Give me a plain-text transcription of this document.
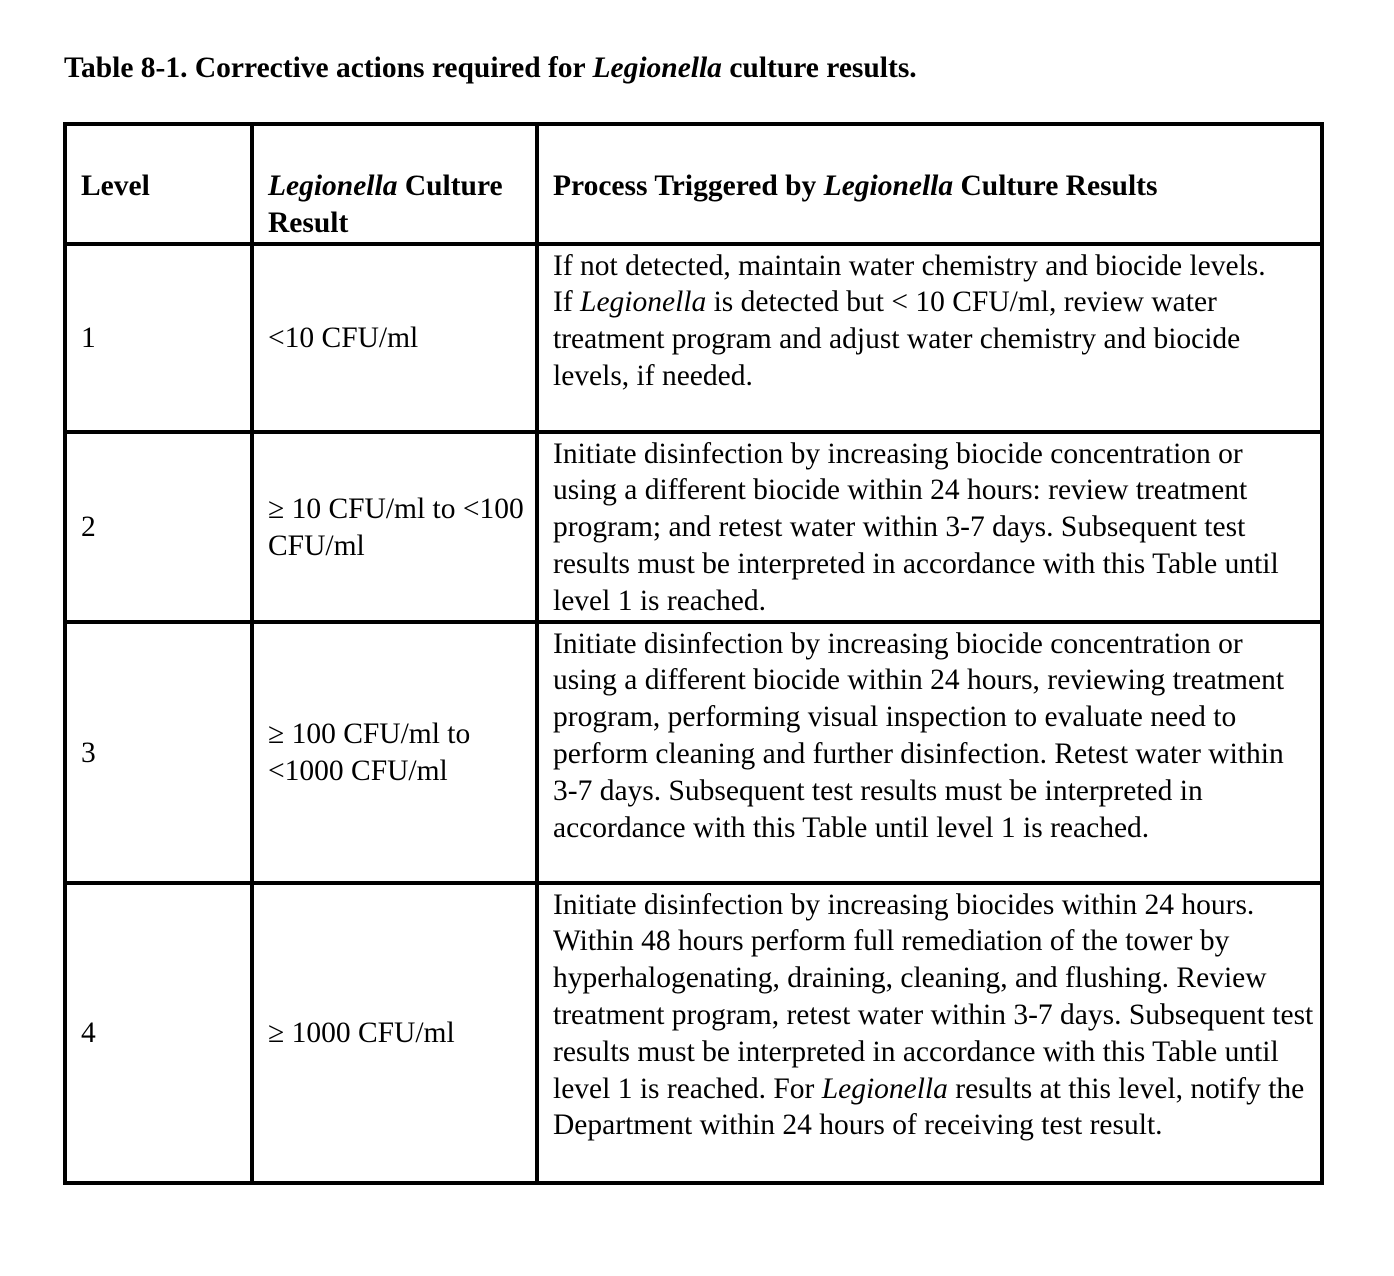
Table 8-1. Corrective actions required for Legionella culture results.

Level	Legionella Culture Result	Process Triggered by Legionella Culture Results
1	<10 CFU/ml	If not detected, maintain water chemistry and biocide levels.
If Legionella is detected but < 10 CFU/ml, review water treatment program and adjust water chemistry and biocide levels, if needed.

2	≥ 10 CFU/ml to <100 CFU/ml	Initiate disinfection by increasing biocide concentration or using a different biocide within 24 hours: review treatment program; and retest water within 3-7 days. Subsequent test results must be interpreted in accordance with this Table until level 1 is reached.
3	≥ 100 CFU/ml to <1000 CFU/ml	Initiate disinfection by increasing biocide concentration or using a different biocide within 24 hours, reviewing treatment program, performing visual inspection to evaluate need to perform cleaning and further disinfection. Retest water within 3-7 days. Subsequent test results must be interpreted in accordance with this Table until level 1 is reached.
4	≥ 1000 CFU/ml	Initiate disinfection by increasing biocides within 24 hours. Within 48 hours perform full remediation of the tower by hyperhalogenating, draining, cleaning, and flushing. Review treatment program, retest water within 3-7 days. Subsequent test results must be interpreted in accordance with this Table until level 1 is reached. For Legionella results at this level, notify the Department within 24 hours of receiving test result.
